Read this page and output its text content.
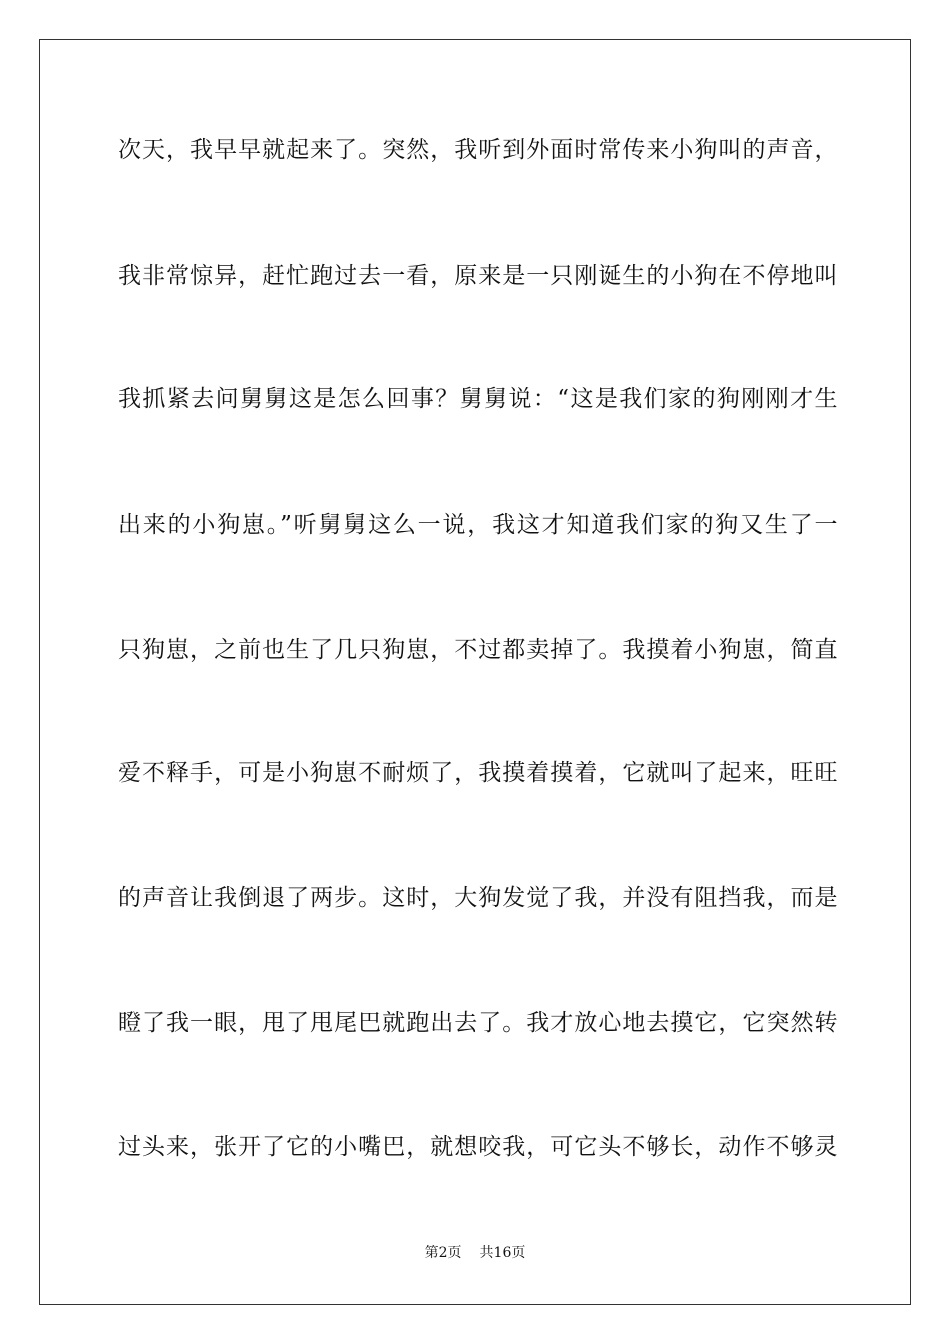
次天，我早早就起来了。突然，我听到外面时常传来小狗叫的声音，
我非常惊异，赶忙跑过去一看，原来是一只刚诞生的小狗在不停地叫
我抓紧去问舅舅这是怎么回事？舅舅说：“这是我们家的狗刚刚才生
出来的小狗崽。”听舅舅这么一说，我这才知道我们家的狗又生了一
只狗崽，之前也生了几只狗崽，不过都卖掉了。我摸着小狗崽，简直
爱不释手，可是小狗崽不耐烦了，我摸着摸着，它就叫了起来，旺旺
的声音让我倒退了两步。这时，大狗发觉了我，并没有阻挡我，而是
瞪了我一眼，甩了甩尾巴就跑出去了。我才放心地去摸它，它突然转
过头来，张开了它的小嘴巴，就想咬我，可它头不够长，动作不够灵
第2页 共16页
